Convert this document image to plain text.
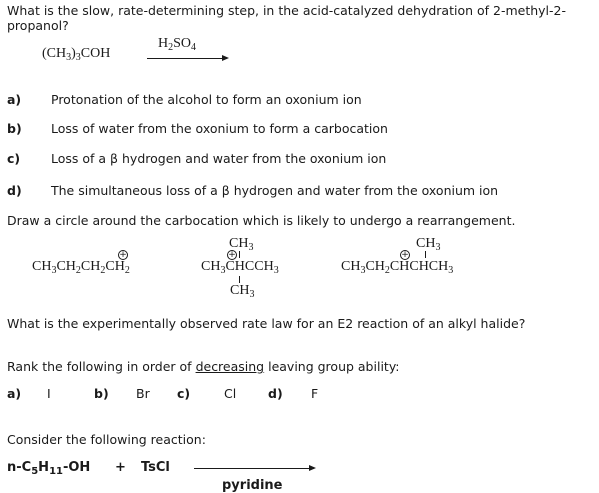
What is the slow, rate-determining step, in the acid-catalyzed dehydration of 2-methyl-2-propanol?
$(CH_3)_3COH$
$H_2SO_4$
a) Protonation of the alcohol to form an oxonium ion
b) Loss of water from the oxonium to form a carbocation
c) Loss of a β hydrogen and water from the oxonium ion
d) The simultaneous loss of a β hydrogen and water from the oxonium ion
Draw a circle around the carbocation which is likely to undergo a rearrangement.
+
$CH_3CH_2CH_2CH_2$
$CH_3$
+
$CH_3CHCCH_3$
$CH_3$
$CH_3$
+
$CH_3CH_2CHCHCH_3$
What is the experimentally observed rate law for an E2 reaction of an alkyl halide?
Rank the following in order of decreasing leaving group ability:
a) I	b) Br c)	Cl	d) F
Consider the following reaction:
$n-C_5H_{11}-OH$ + TsCl
pyridine
